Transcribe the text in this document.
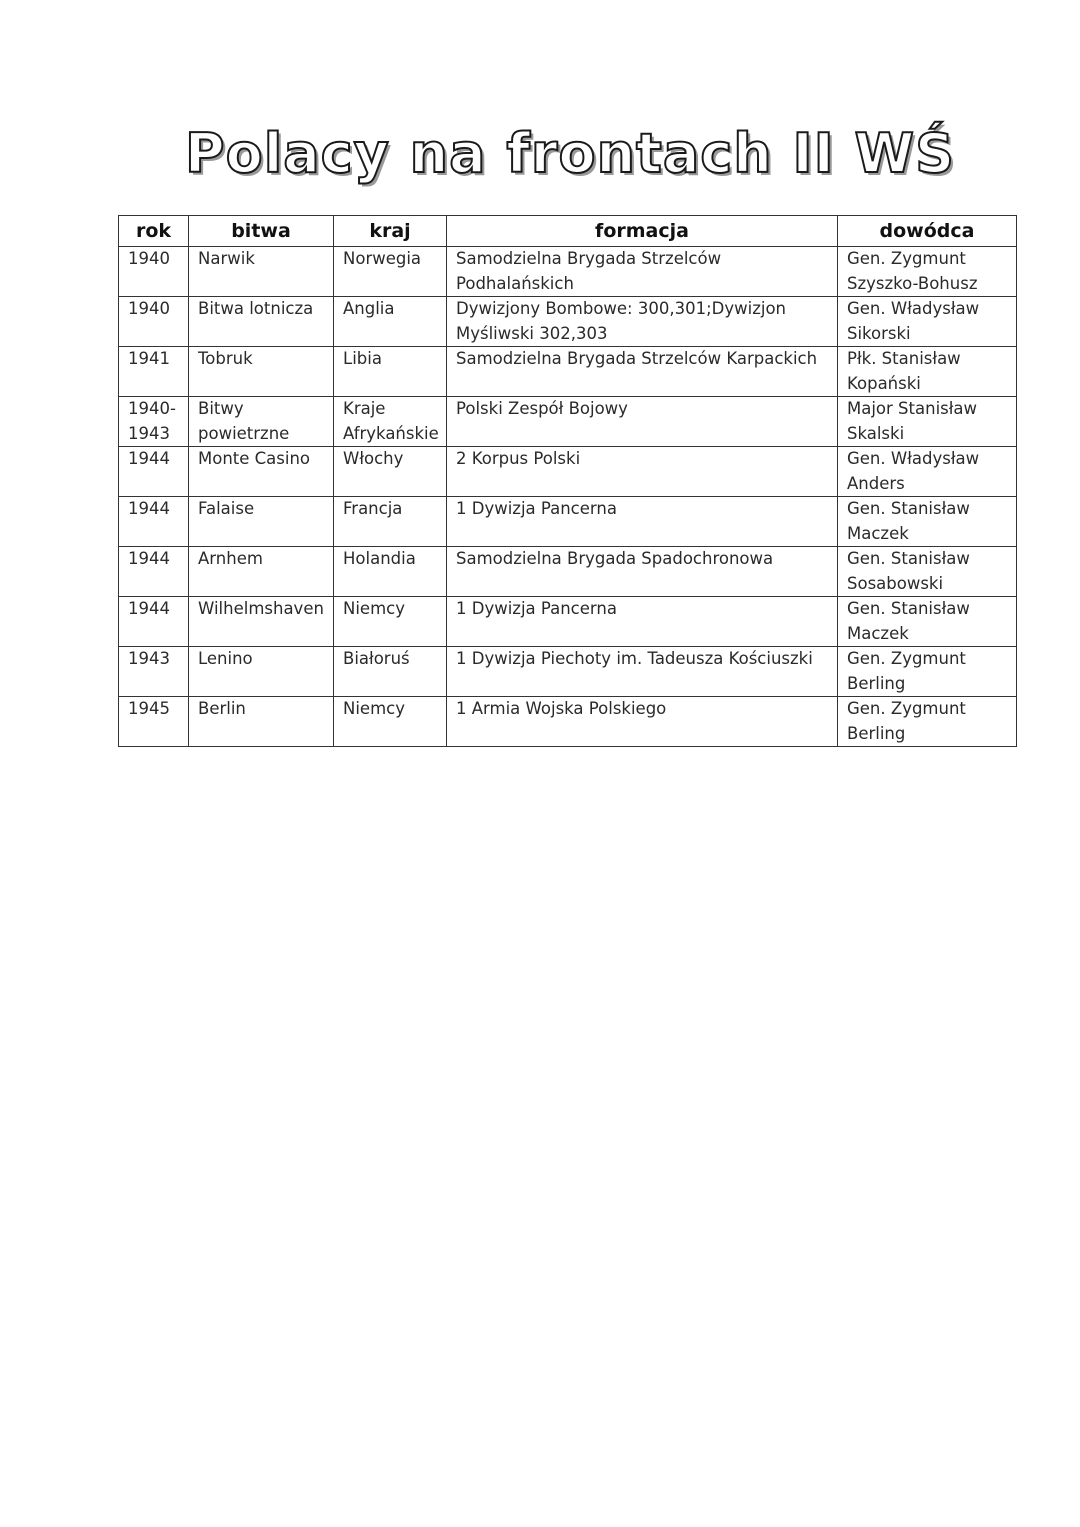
Polacy na frontach II WŚ
rok	bitwa	kraj	formacja	dowódca
1940	Narwik	Norwegia	Samodzielna Brygada Strzelców Podhalańskich	Gen. Zygmunt Szyszko-Bohusz
1940	Bitwa lotnicza	Anglia	Dywizjony Bombowe: 300,301;Dywizjon Myśliwski 302,303	Gen. Władysław Sikorski
1941	Tobruk	Libia	Samodzielna Brygada Strzelców Karpackich	Płk. Stanisław Kopański
1940-1943	Bitwy powietrzne	Kraje Afrykańskie	Polski Zespół Bojowy	Major Stanisław Skalski
1944	Monte Casino	Włochy	2 Korpus Polski	Gen. Władysław Anders
1944	Falaise	Francja	1 Dywizja Pancerna	Gen. Stanisław Maczek
1944	Arnhem	Holandia	Samodzielna Brygada Spadochronowa	Gen. Stanisław Sosabowski
1944	Wilhelmshaven	Niemcy	1 Dywizja Pancerna	Gen. Stanisław Maczek
1943	Lenino	Białoruś	1 Dywizja Piechoty im. Tadeusza Kościuszki	Gen. Zygmunt Berling
1945	Berlin	Niemcy	1 Armia Wojska Polskiego	Gen. Zygmunt Berling
